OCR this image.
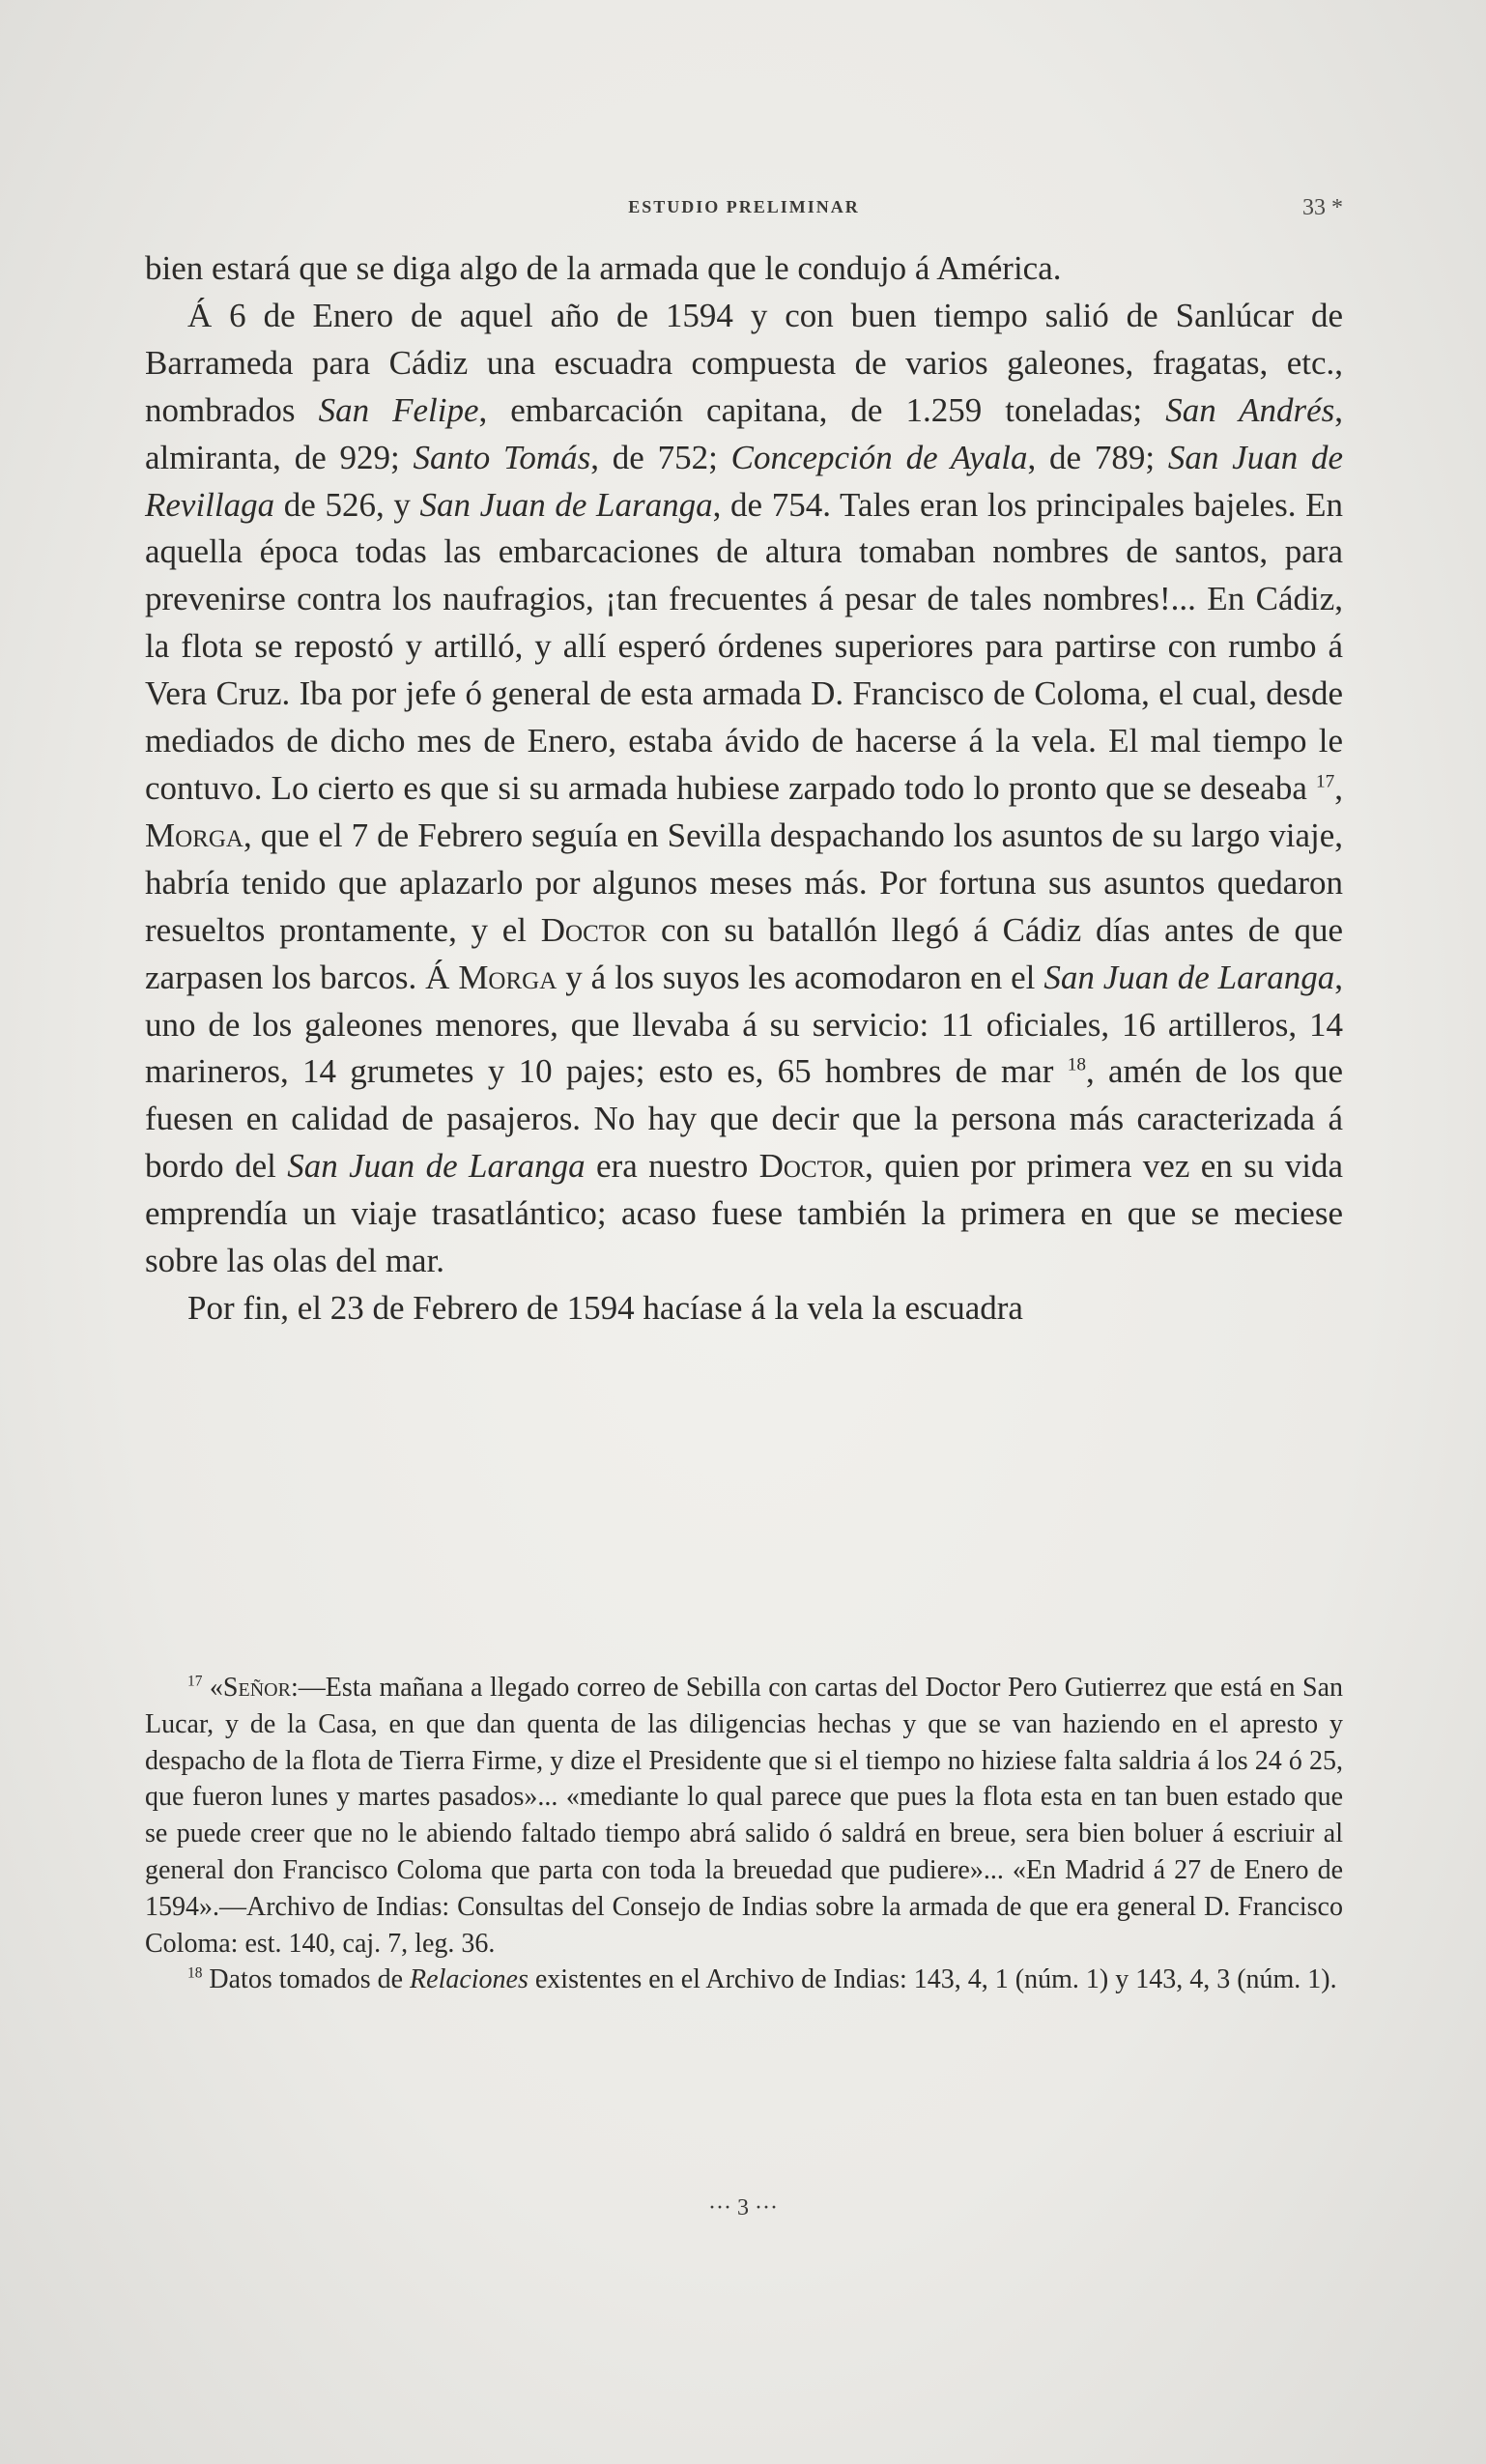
ESTUDIO PRELIMINAR	33 *

bien estará que se diga algo de la armada que le condujo á América.

Á 6 de Enero de aquel año de 1594 y con buen tiempo salió de Sanlúcar de Barrameda para Cádiz una escuadra compuesta de varios galeones, fragatas, etc., nombrados San Felipe, embarcación capitana, de 1.259 toneladas; San Andrés, almiranta, de 929; Santo Tomás, de 752; Concepción de Ayala, de 789; San Juan de Revillaga de 526, y San Juan de Laranga, de 754. Tales eran los principales bajeles. En aquella época todas las embarcaciones de altura tomaban nombres de santos, para prevenirse contra los naufragios, ¡tan frecuentes á pesar de tales nombres!... En Cádiz, la flota se repostó y artilló, y allí esperó órdenes superiores para partirse con rumbo á Vera Cruz. Iba por jefe ó general de esta armada D. Francisco de Coloma, el cual, desde mediados de dicho mes de Enero, estaba ávido de hacerse á la vela. El mal tiempo le contuvo. Lo cierto es que si su armada hubiese zarpado todo lo pronto que se deseaba $^{17}$, Morga, que el 7 de Febrero seguía en Sevilla despachando los asuntos de su largo viaje, habría tenido que aplazarlo por algunos meses más. Por fortuna sus asuntos quedaron resueltos prontamente, y el Doctor con su batallón llegó á Cádiz días antes de que zarpasen los barcos. Á Morga y á los suyos les acomodaron en el San Juan de Laranga, uno de los galeones menores, que llevaba á su servicio: 11 oficiales, 16 artilleros, 14 marineros, 14 grumetes y 10 pajes; esto es, 65 hombres de mar $^{18}$, amén de los que fuesen en calidad de pasajeros. No hay que decir que la persona más caracterizada á bordo del San Juan de Laranga era nuestro Doctor, quien por primera vez en su vida emprendía un viaje trasatlántico; acaso fuese también la primera en que se meciese sobre las olas del mar.

Por fin, el 23 de Febrero de 1594 hacíase á la vela la escuadra

$^{17}$ «Señor:—Esta mañana a llegado correo de Sebilla con cartas del Doctor Pero Gutierrez que está en San Lucar, y de la Casa, en que dan quenta de las diligencias hechas y que se van haziendo en el apresto y despacho de la flota de Tierra Firme, y dize el Presidente que si el tiempo no hiziese falta saldria á los 24 ó 25, que fueron lunes y martes pasados»... «mediante lo qual parece que pues la flota esta en tan buen estado que se puede creer que no le abiendo faltado tiempo abrá salido ó saldrá en breue, sera bien boluer á escriuir al general don Francisco Coloma que parta con toda la breuedad que pudiere»... «En Madrid á 27 de Enero de 1594».—Archivo de Indias: Consultas del Consejo de Indias sobre la armada de que era general D. Francisco Coloma: est. 140, caj. 7, leg. 36.

$^{18}$ Datos tomados de Relaciones existentes en el Archivo de Indias: 143, 4, 1 (núm. 1) y 143, 4, 3 (núm. 1).

··· 3 ···
